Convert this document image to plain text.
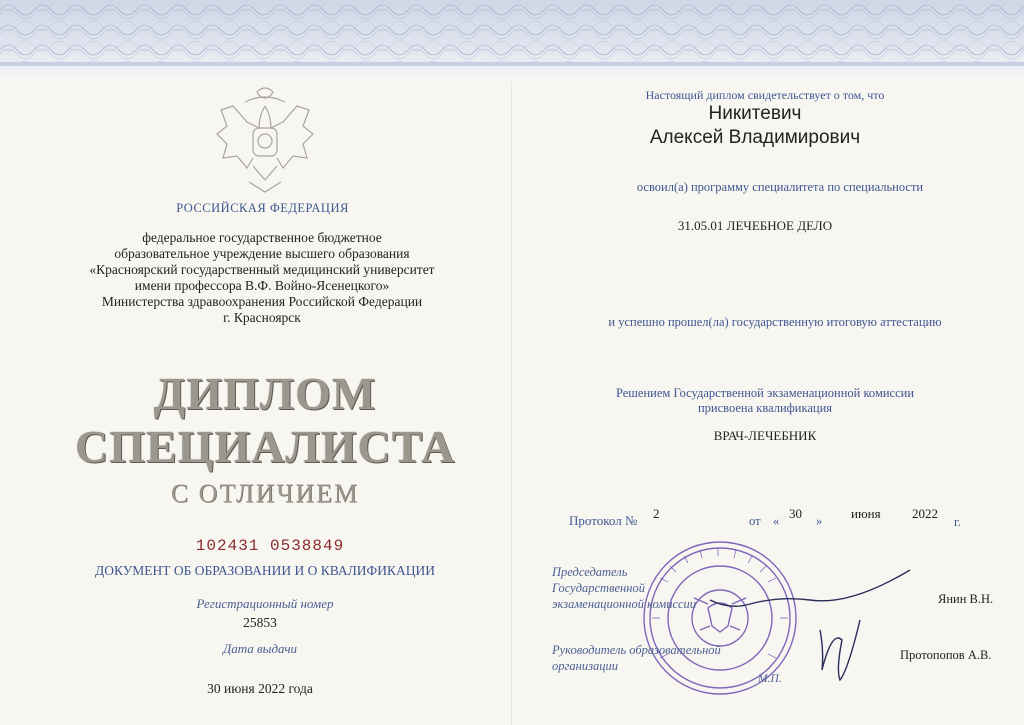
РОССИЙСКАЯ ФЕДЕРАЦИЯ
федеральное государственное бюджетное
образовательное учреждение высшего образования
«Красноярский государственный медицинский университет
имени профессора В.Ф. Войно-Ясенецкого»
Министерства здравоохранения Российской Федерации
г. Красноярск
ДИПЛОМ
СПЕЦИАЛИСТА
С ОТЛИЧИЕМ
102431 0538849
ДОКУМЕНТ ОБ ОБРАЗОВАНИИ И О КВАЛИФИКАЦИИ
Регистрационный номер
25853
Дата выдачи
30 июня 2022 года
Настоящий диплом свидетельствует о том, что
Никитевич
Алексей Владимирович
освоил(а) программу специалитета по специальности
31.05.01 ЛЕЧЕБНОЕ ДЕЛО
и успешно прошел(ла) государственную итоговую аттестацию
Решением Государственной экзаменационной комиссии
присвоена квалификация
ВРАЧ-ЛЕЧЕБНИК
Протокол № 2	от « 30 » июня 2022
г.
Председатель
Государственной
экзаменационной комиссии	Янин В.Н.
Руководитель образовательной
организации
Протопопов А.В.
М.П.
